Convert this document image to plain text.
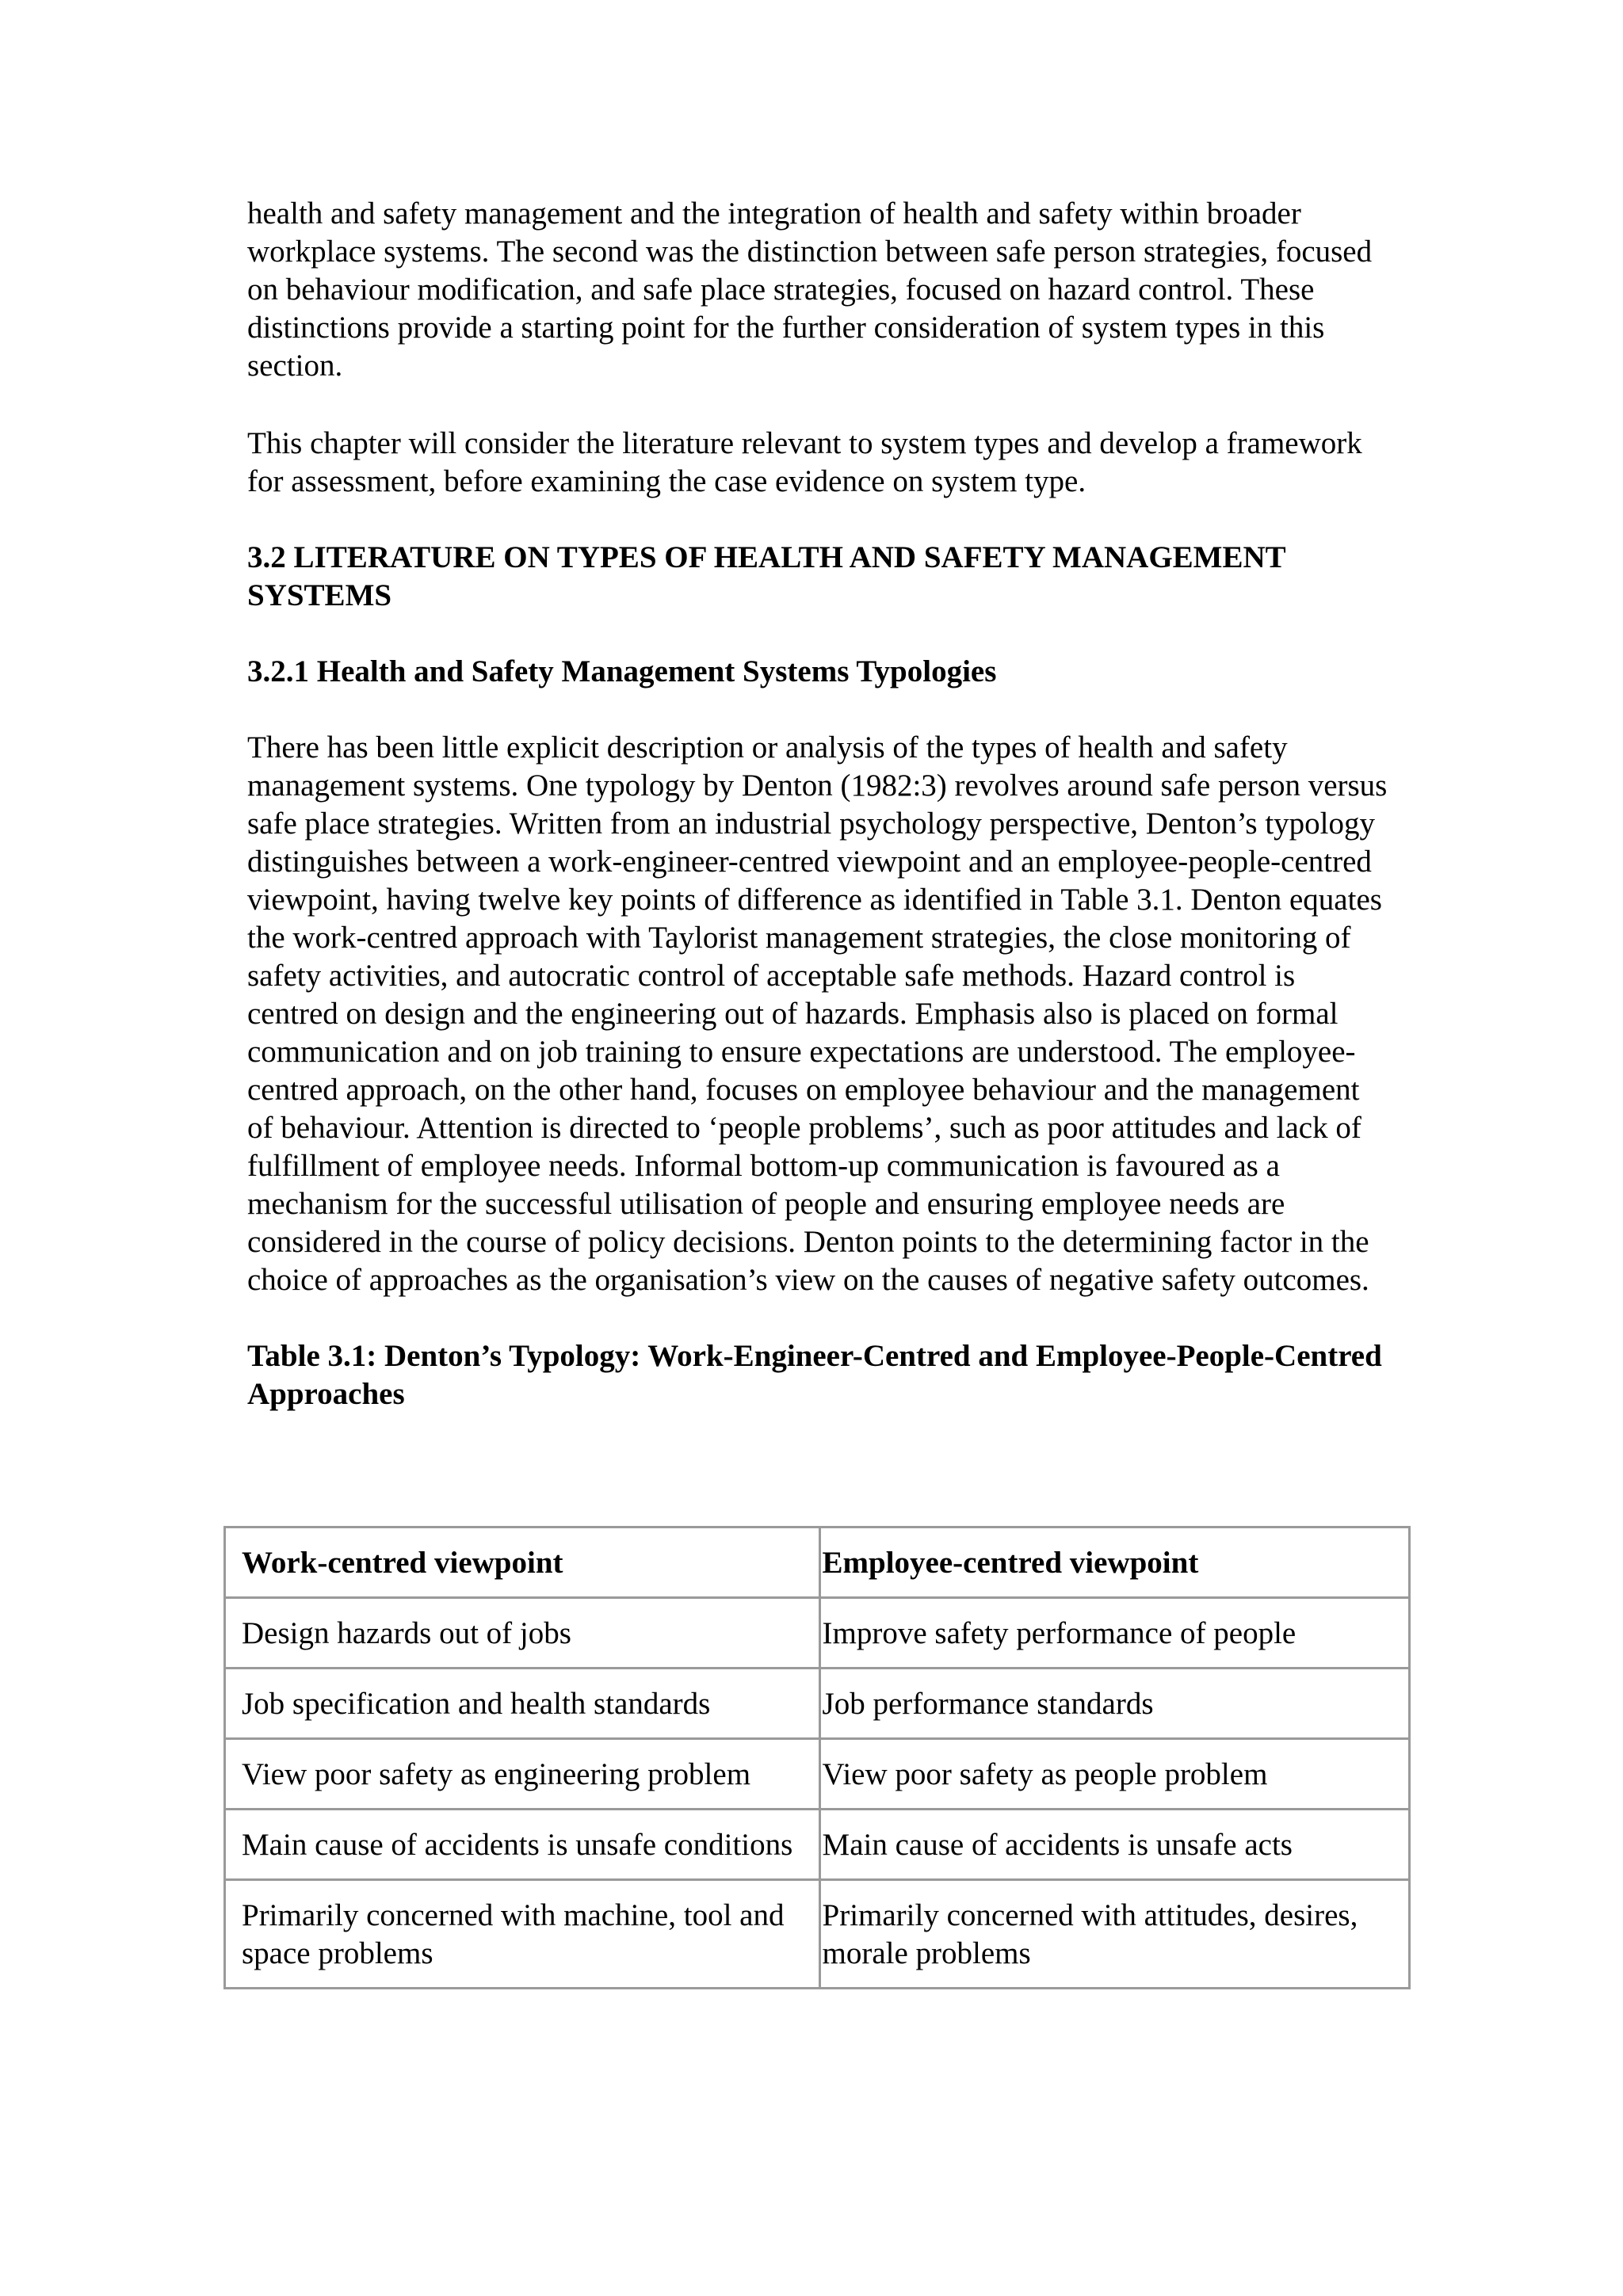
health and safety management and the integration of health and safety within broader workplace systems. The second was the distinction between safe person strategies, focused on behaviour modification, and safe place strategies, focused on hazard control. These distinctions provide a starting point for the further consideration of system types in this section.

This chapter will consider the literature relevant to system types and develop a framework for assessment, before examining the case evidence on system type.

3.2 LITERATURE ON TYPES OF HEALTH AND SAFETY MANAGEMENT SYSTEMS

3.2.1 Health and Safety Management Systems Typologies

There has been little explicit description or analysis of the types of health and safety management systems. One typology by Denton (1982:3) revolves around safe person versus safe place strategies. Written from an industrial psychology perspective, Denton’s typology distinguishes between a work-engineer-centred viewpoint and an employee-people-centred viewpoint, having twelve key points of difference as identified in Table 3.1. Denton equates the work-centred approach with Taylorist management strategies, the close monitoring of safety activities, and autocratic control of acceptable safe methods. Hazard control is centred on design and the engineering out of hazards. Emphasis also is placed on formal communication and on job training to ensure expectations are understood. The employee-centred approach, on the other hand, focuses on employee behaviour and the management of behaviour. Attention is directed to ‘people problems’, such as poor attitudes and lack of fulfillment of employee needs. Informal bottom-up communication is favoured as a mechanism for the successful utilisation of people and ensuring employee needs are considered in the course of policy decisions. Denton points to the determining factor in the choice of approaches as the organisation’s view on the causes of negative safety outcomes.

Table 3.1: Denton’s Typology: Work-Engineer-Centred and Employee-People-Centred Approaches

Work-centred viewpoint	Employee-centred viewpoint
Design hazards out of jobs	Improve safety performance of people
Job specification and health standards	Job performance standards
View poor safety as engineering problem	View poor safety as people problem
Main cause of accidents is unsafe conditions	Main cause of accidents is unsafe acts
Primarily concerned with machine, tool and space problems	Primarily concerned with attitudes, desires, morale problems
